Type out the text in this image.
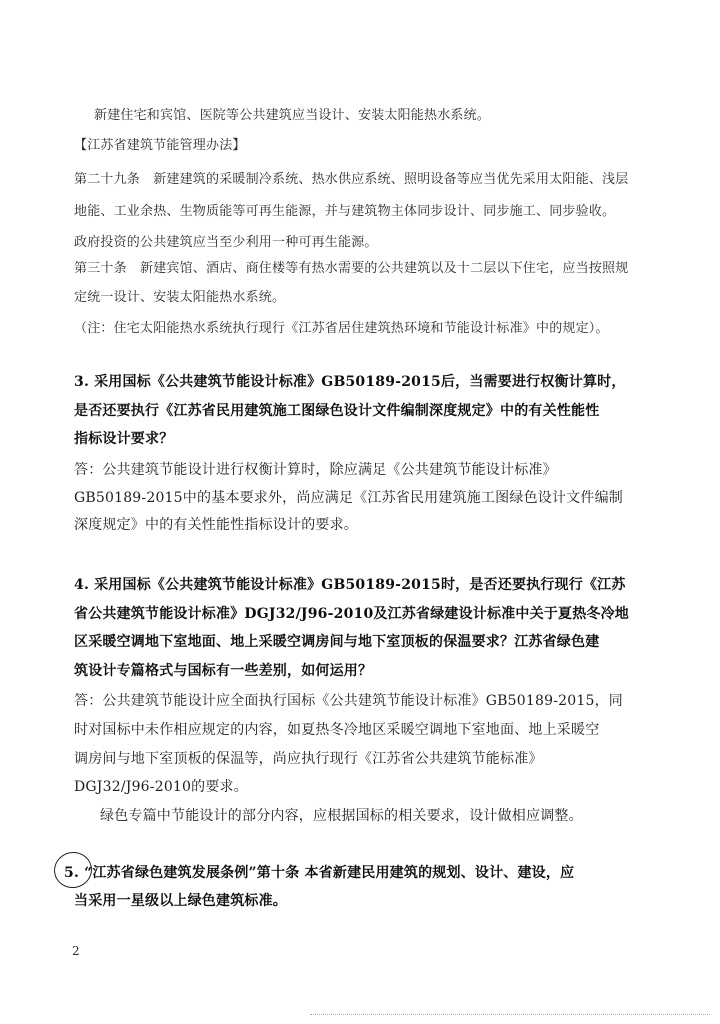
新建住宅和宾馆、医院等公共建筑应当设计、安装太阳能热水系统。
【江苏省建筑节能管理办法】
第二十九条　新建建筑的采暖制冷系统、热水供应系统、照明设备等应当优先采用太阳能、浅层
地能、工业余热、生物质能等可再生能源，并与建筑物主体同步设计、同步施工、同步验收。
政府投资的公共建筑应当至少利用一种可再生能源。
第三十条　新建宾馆、酒店、商住楼等有热水需要的公共建筑以及十二层以下住宅，应当按照规
定统一设计、安装太阳能热水系统。
（注：住宅太阳能热水系统执行现行《江苏省居住建筑热环境和节能设计标准》中的规定）。
3. 采用国标《公共建筑节能设计标准》GB50189-2015后，当需要进行权衡计算时，
是否还要执行《江苏省民用建筑施工图绿色设计文件编制深度规定》中的有关性能性
指标设计要求？
答：公共建筑节能设计进行权衡计算时，除应满足《公共建筑节能设计标准》
GB50189-2015中的基本要求外，尚应满足《江苏省民用建筑施工图绿色设计文件编制
深度规定》中的有关性能性指标设计的要求。
4. 采用国标《公共建筑节能设计标准》GB50189-2015时，是否还要执行现行《江苏
省公共建筑节能设计标准》DGJ32/J96-2010及江苏省绿建设计标准中关于夏热冬冷地
区采暖空调地下室地面、地上采暖空调房间与地下室顶板的保温要求？江苏省绿色建
筑设计专篇格式与国标有一些差别，如何运用？
答：公共建筑节能设计应全面执行国标《公共建筑节能设计标准》GB50189-2015，同
时对国标中未作相应规定的内容，如夏热冬冷地区采暖空调地下室地面、地上采暖空
调房间与地下室顶板的保温等，尚应执行现行《江苏省公共建筑节能标准》
DGJ32/J96-2010的要求。
绿色专篇中节能设计的部分内容，应根据国标的相关要求，设计做相应调整。
5. “江苏省绿色建筑发展条例”第十条 本省新建民用建筑的规划、设计、建设，应
当采用一星级以上绿色建筑标准。
2
